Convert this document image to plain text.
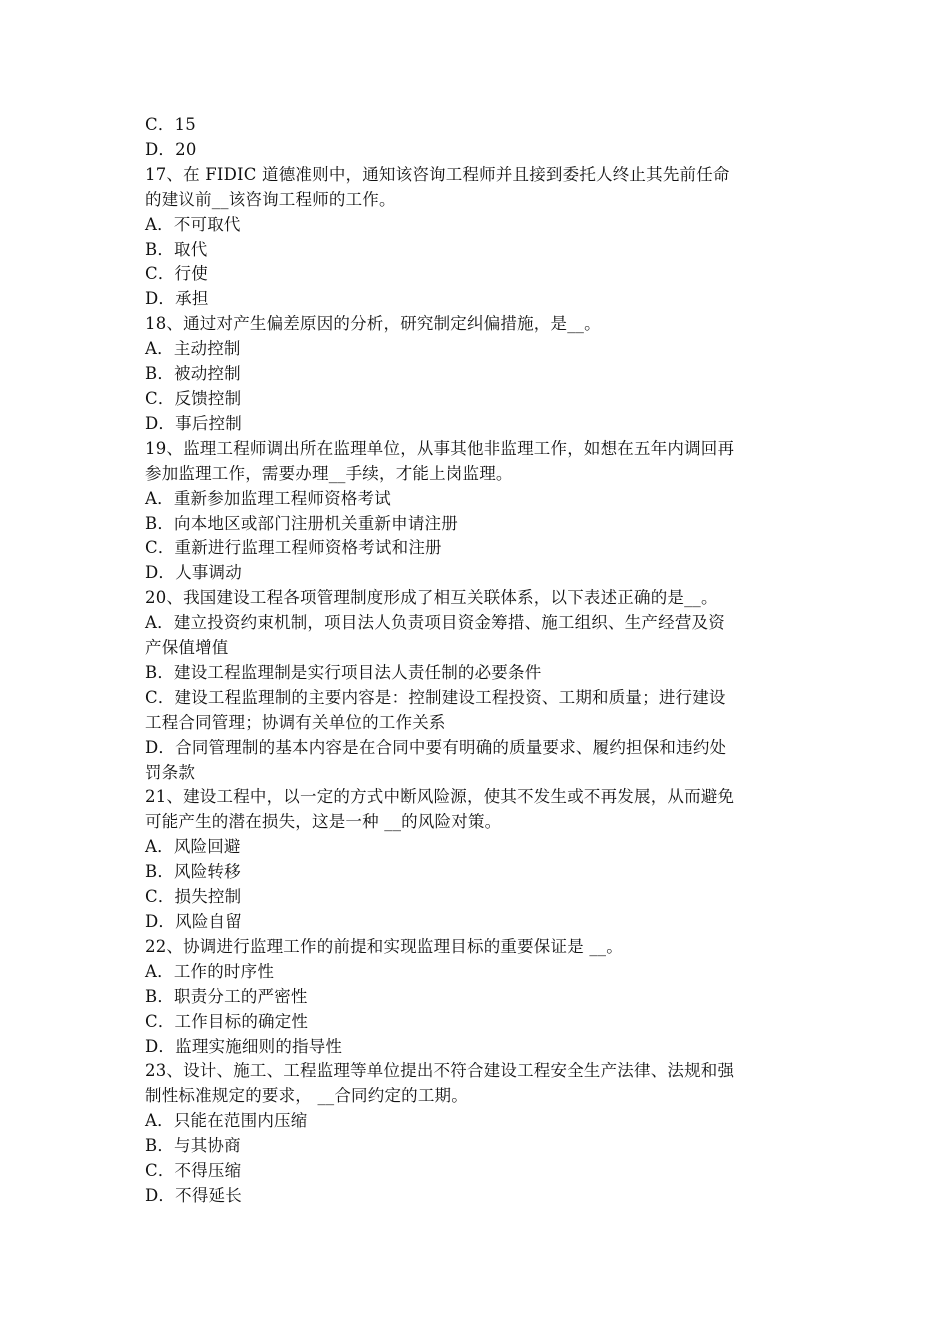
C．15
D．20
17、在 FIDIC 道德准则中，通知该咨询工程师并且接到委托人终止其先前任命
的建议前__该咨询工程师的工作。
A．不可取代
B．取代
C．行使
D．承担
18、通过对产生偏差原因的分析，研究制定纠偏措施，是__。
A．主动控制
B．被动控制
C．反馈控制
D．事后控制
19、监理工程师调出所在监理单位，从事其他非监理工作，如想在五年内调回再
参加监理工作，需要办理__手续，才能上岗监理。
A．重新参加监理工程师资格考试
B．向本地区或部门注册机关重新申请注册
C．重新进行监理工程师资格考试和注册
D．人事调动
20、我国建设工程各项管理制度形成了相互关联体系，以下表述正确的是__。
A．建立投资约束机制，项目法人负责项目资金筹措、施工组织、生产经营及资
产保值增值
B．建设工程监理制是实行项目法人责任制的必要条件
C．建设工程监理制的主要内容是：控制建设工程投资、工期和质量；进行建设
工程合同管理；协调有关单位的工作关系
D．合同管理制的基本内容是在合同中要有明确的质量要求、履约担保和违约处
罚条款
21、建设工程中，以一定的方式中断风险源，使其不发生或不再发展，从而避免
可能产生的潜在损失，这是一种 __的风险对策。
A．风险回避
B．风险转移
C．损失控制
D．风险自留
22、协调进行监理工作的前提和实现监理目标的重要保证是 __。
A．工作的时序性
B．职责分工的严密性
C．工作目标的确定性
D．监理实施细则的指导性
23、设计、施工、工程监理等单位提出不符合建设工程安全生产法律、法规和强
制性标准规定的要求， __合同约定的工期。
A．只能在范围内压缩
B．与其协商
C．不得压缩
D．不得延长
